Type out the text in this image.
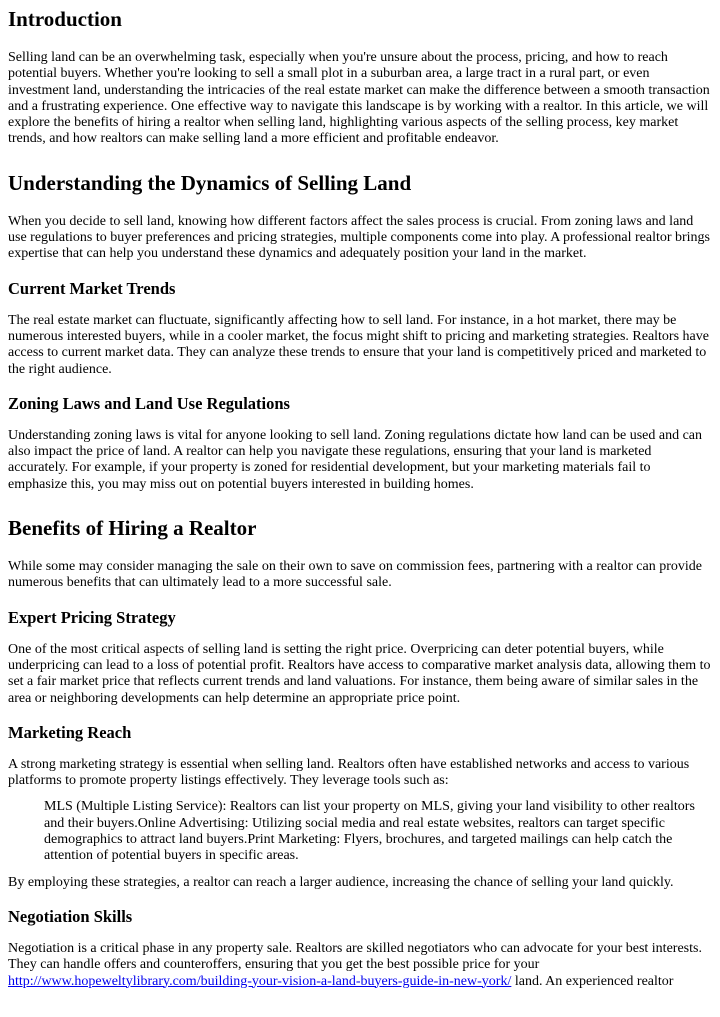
Introduction

Selling land can be an overwhelming task, especially when you're unsure about the process, pricing, and how to reach potential buyers. Whether you're looking to sell a small plot in a suburban area, a large tract in a rural part, or even investment land, understanding the intricacies of the real estate market can make the difference between a smooth transaction and a frustrating experience. One effective way to navigate this landscape is by working with a realtor. In this article, we will explore the benefits of hiring a realtor when selling land, highlighting various aspects of the selling process, key market trends, and how realtors can make selling land a more efficient and profitable endeavor.

Understanding the Dynamics of Selling Land

When you decide to sell land, knowing how different factors affect the sales process is crucial. From zoning laws and land use regulations to buyer preferences and pricing strategies, multiple components come into play. A professional realtor brings expertise that can help you understand these dynamics and adequately position your land in the market.

Current Market Trends

The real estate market can fluctuate, significantly affecting how to sell land. For instance, in a hot market, there may be numerous interested buyers, while in a cooler market, the focus might shift to pricing and marketing strategies. Realtors have access to current market data. They can analyze these trends to ensure that your land is competitively priced and marketed to the right audience.

Zoning Laws and Land Use Regulations

Understanding zoning laws is vital for anyone looking to sell land. Zoning regulations dictate how land can be used and can also impact the price of land. A realtor can help you navigate these regulations, ensuring that your land is marketed accurately. For example, if your property is zoned for residential development, but your marketing materials fail to emphasize this, you may miss out on potential buyers interested in building homes.

Benefits of Hiring a Realtor

While some may consider managing the sale on their own to save on commission fees, partnering with a realtor can provide numerous benefits that can ultimately lead to a more successful sale.

Expert Pricing Strategy

One of the most critical aspects of selling land is setting the right price. Overpricing can deter potential buyers, while underpricing can lead to a loss of potential profit. Realtors have access to comparative market analysis data, allowing them to set a fair market price that reflects current trends and land valuations. For instance, them being aware of similar sales in the area or neighboring developments can help determine an appropriate price point.

Marketing Reach

A strong marketing strategy is essential when selling land. Realtors often have established networks and access to various platforms to promote property listings effectively. They leverage tools such as:

MLS (Multiple Listing Service): Realtors can list your property on MLS, giving your land visibility to other realtors and their buyers.Online Advertising: Utilizing social media and real estate websites, realtors can target specific demographics to attract land buyers.Print Marketing: Flyers, brochures, and targeted mailings can help catch the attention of potential buyers in specific areas.

By employing these strategies, a realtor can reach a larger audience, increasing the chance of selling your land quickly.

Negotiation Skills

Negotiation is a critical phase in any property sale. Realtors are skilled negotiators who can advocate for your best interests. They can handle offers and counteroffers, ensuring that you get the best possible price for your http://www.hopeweltylibrary.com/building-your-vision-a-land-buyers-guide-in-new-york/ land. An experienced realtor
